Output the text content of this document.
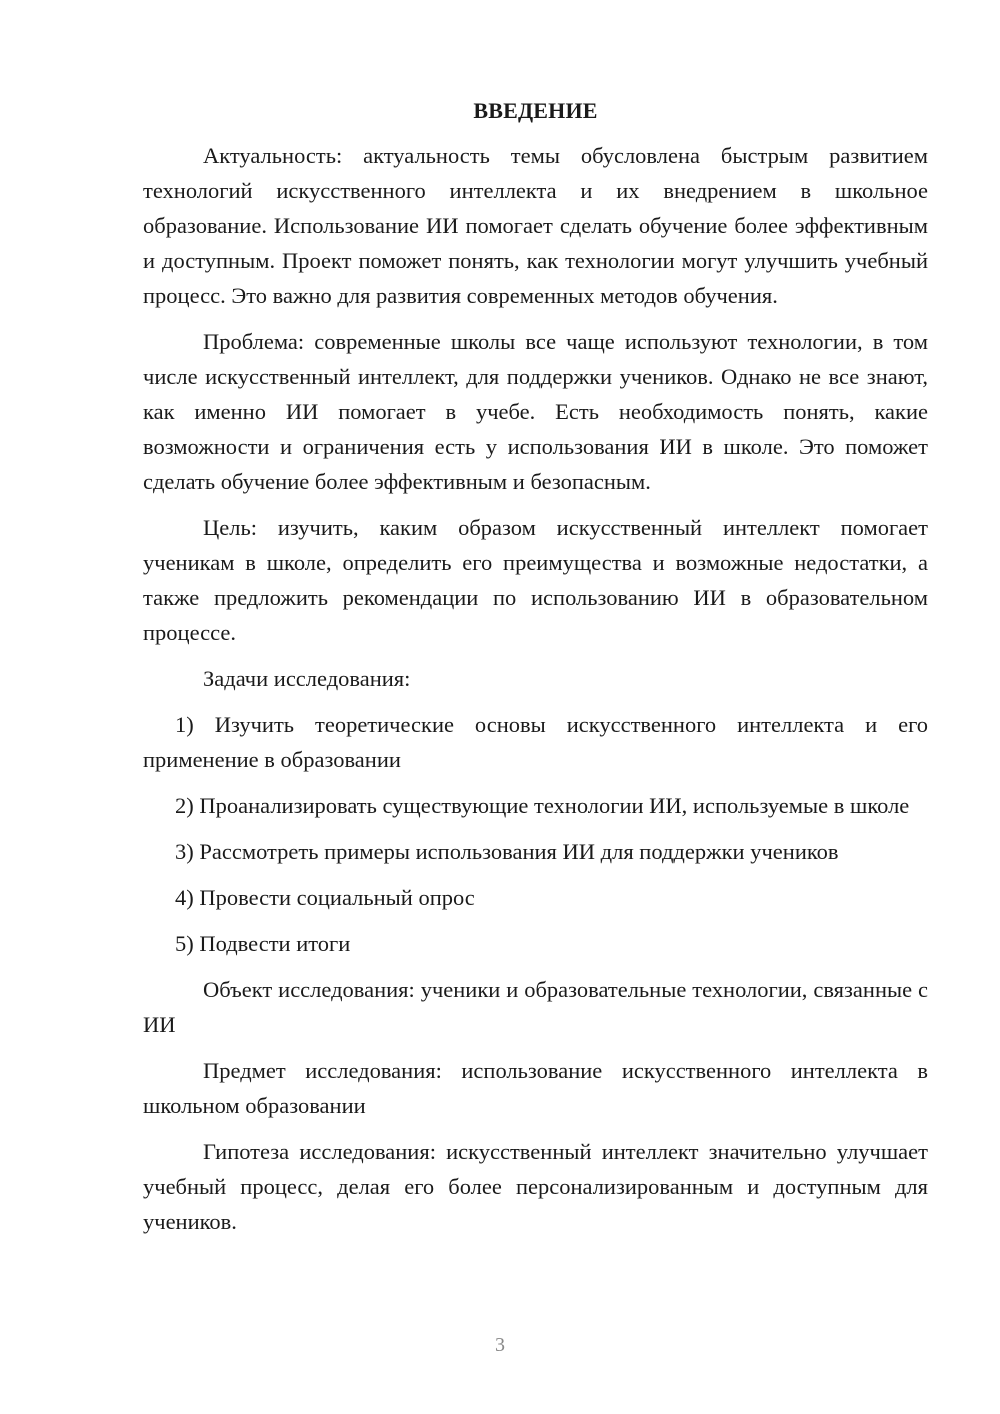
ВВЕДЕНИЕ

Актуальность: актуальность темы обусловлена быстрым развитием технологий искусственного интеллекта и их внедрением в школьное образование. Использование ИИ помогает сделать обучение более эффективным и доступным. Проект поможет понять, как технологии могут улучшить учебный процесс. Это важно для развития современных методов обучения.

Проблема: современные школы все чаще используют технологии, в том числе искусственный интеллект, для поддержки учеников. Однако не все знают, как именно ИИ помогает в учебе. Есть необходимость понять, какие возможности и ограничения есть у использования ИИ в школе. Это поможет сделать обучение более эффективным и безопасным.

Цель: изучить, каким образом искусственный интеллект помогает ученикам в школе, определить его преимущества и возможные недостатки, а также предложить рекомендации по использованию ИИ в образовательном процессе.

Задачи исследования:

1) Изучить теоретические основы искусственного интеллекта и его применение в образовании

2) Проанализировать существующие технологии ИИ, используемые в школе

3) Рассмотреть примеры использования ИИ для поддержки учеников

4) Провести социальный опрос

5) Подвести итоги

Объект исследования: ученики и образовательные технологии, связанные с ИИ

Предмет исследования: использование искусственного интеллекта в школьном образовании

Гипотеза исследования: искусственный интеллект значительно улучшает учебный процесс, делая его более персонализированным и доступным для учеников.

3
